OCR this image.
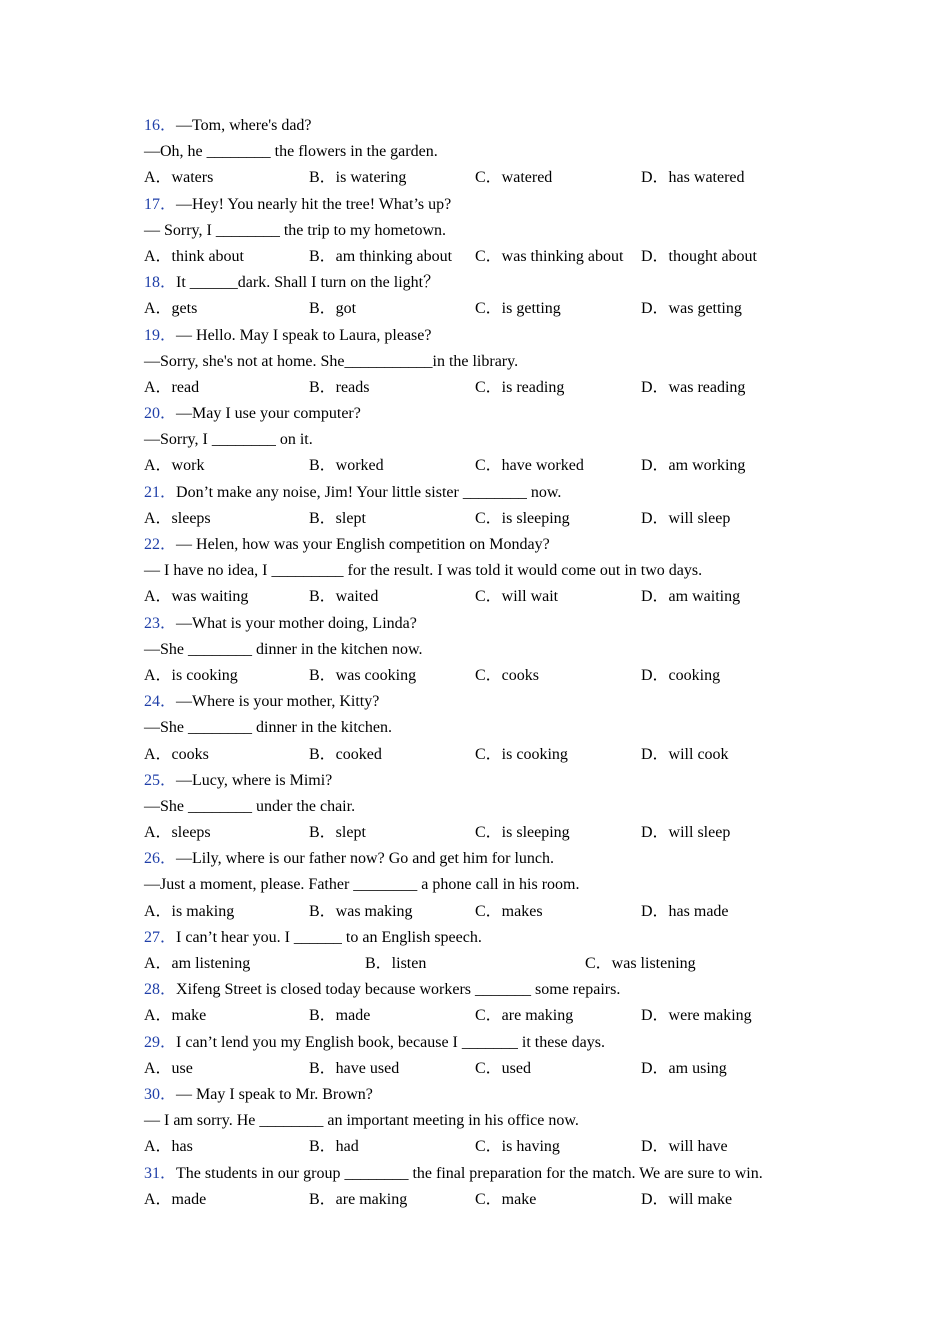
16．—Tom, where's dad?
—Oh, he ________ the flowers in the garden.

A．waters

	B．is watering

	C．watered

	D．has watered

17．—Hey! You nearly hit the tree! What’s up?
— Sorry, I ________ the trip to my hometown.

A．think about

	B．am thinking about

C．was thinking about

D．thought about

18．It ______dark. Shall I turn on the light？

A．gets

	B．got

	C．is getting

	D．was getting

19．— Hello. May I speak to Laura, please?
—Sorry, she's not at home. She___________in the library.

A．read

	B．reads

	C．is reading

	D．was reading

20．—May I use your computer?
—Sorry, I ________ on it.

A．work

	B．worked

	C．have worked

	D．am working

21．Don’t make any noise, Jim! Your little sister ________ now.

A．sleeps

	B．slept

	C．is sleeping

	D．will sleep

22．— Helen, how was your English competition on Monday?
— I have no idea, I _________ for the result. I was told it would come out in two days.

A．was waiting

	B．waited

	C．will wait

	D．am waiting

23．—What is your mother doing, Linda?
—She ________ dinner in the kitchen now.

A．is cooking

	B．was cooking

	C．cooks

	D．cooking

24．—Where is your mother, Kitty?
—She ________ dinner in the kitchen.

A．cooks

	B．cooked

	C．is cooking

	D．will cook

25．—Lucy, where is Mimi?
—She ________ under the chair.

A．sleeps

	B．slept

	C．is sleeping

	D．will sleep

26．—Lily, where is our father now? Go and get him for lunch.
—Just a moment, please. Father ________ a phone call in his room.

A．is making

	B．was making

	C．makes

	D．has made

27．I can’t hear you. I ______ to an English speech.

A．am listening

	B．listen

	C．was listening

28．Xifeng Street is closed today because workers _______ some repairs.

A．make

	B．made

	C．are making

	D．were making

29．I can’t lend you my English book, because I _______ it these days.

A．use

	B．have used

	C．used

	D．am using

30．— May I speak to Mr. Brown?
— I am sorry. He ________ an important meeting in his office now.

A．has

	B．had

	C．is having

	D．will have

31．The students in our group ________ the final preparation for the match. We are sure to win.

A．made

	B．are making

	C．make

	D．will make
